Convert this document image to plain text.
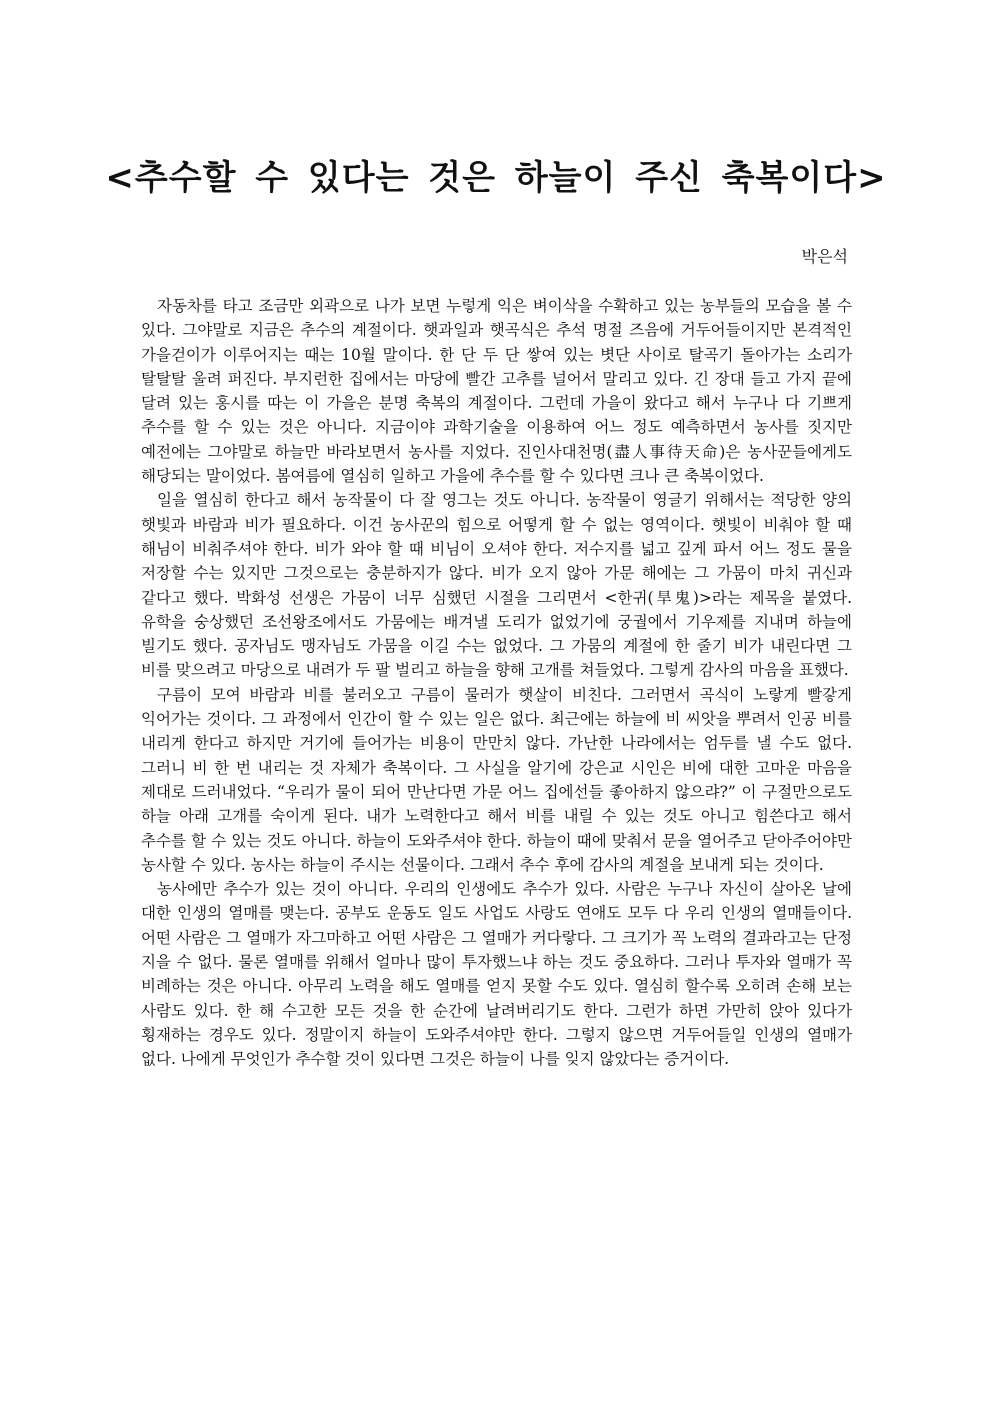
<추수할 수 있다는 것은 하늘이 주신 축복이다>

박은석

자동차를 타고 조금만 외곽으로 나가 보면 누렇게 익은 벼이삭을 수확하고 있는 농부들의 모습을 볼 수 있다. 그야말로 지금은 추수의 계절이다. 햇과일과 햇곡식은 추석 명절 즈음에 거두어들이지만 본격적인 가을걷이가 이루어지는 때는 10월 말이다. 한 단 두 단 쌓여 있는 볏단 사이로 탈곡기 돌아가는 소리가 탈탈탈 울려 퍼진다. 부지런한 집에서는 마당에 빨간 고추를 널어서 말리고 있다. 긴 장대 들고 가지 끝에 달려 있는 홍시를 따는 이 가을은 분명 축복의 계절이다. 그런데 가을이 왔다고 해서 누구나 다 기쁘게 추수를 할 수 있는 것은 아니다. 지금이야 과학기술을 이용하여 어느 정도 예측하면서 농사를 짓지만 예전에는 그야말로 하늘만 바라보면서 농사를 지었다. 진인사대천명(盡人事待天命)은 농사꾼들에게도 해당되는 말이었다. 봄여름에 열심히 일하고 가을에 추수를 할 수 있다면 크나 큰 축복이었다.

일을 열심히 한다고 해서 농작물이 다 잘 영그는 것도 아니다. 농작물이 영글기 위해서는 적당한 양의 햇빛과 바람과 비가 필요하다. 이건 농사꾼의 힘으로 어떻게 할 수 없는 영역이다. 햇빛이 비춰야 할 때 해님이 비춰주셔야 한다. 비가 와야 할 때 비님이 오셔야 한다. 저수지를 넓고 깊게 파서 어느 정도 물을 저장할 수는 있지만 그것으로는 충분하지가 않다. 비가 오지 않아 가문 해에는 그 가뭄이 마치 귀신과 같다고 했다. 박화성 선생은 가뭄이 너무 심했던 시절을 그리면서 <한귀(旱鬼)>라는 제목을 붙였다. 유학을 숭상했던 조선왕조에서도 가뭄에는 배겨낼 도리가 없었기에 궁궐에서 기우제를 지내며 하늘에 빌기도 했다. 공자님도 맹자님도 가뭄을 이길 수는 없었다. 그 가뭄의 계절에 한 줄기 비가 내린다면 그 비를 맞으려고 마당으로 내려가 두 팔 벌리고 하늘을 향해 고개를 쳐들었다. 그렇게 감사의 마음을 표했다.

구름이 모여 바람과 비를 불러오고 구름이 물러가 햇살이 비친다. 그러면서 곡식이 노랗게 빨갛게 익어가는 것이다. 그 과정에서 인간이 할 수 있는 일은 없다. 최근에는 하늘에 비 씨앗을 뿌려서 인공 비를 내리게 한다고 하지만 거기에 들어가는 비용이 만만치 않다. 가난한 나라에서는 엄두를 낼 수도 없다. 그러니 비 한 번 내리는 것 자체가 축복이다. 그 사실을 알기에 강은교 시인은 비에 대한 고마운 마음을 제대로 드러내었다. “우리가 물이 되어 만난다면 가문 어느 집에선들 좋아하지 않으랴?” 이 구절만으로도 하늘 아래 고개를 숙이게 된다. 내가 노력한다고 해서 비를 내릴 수 있는 것도 아니고 힘쓴다고 해서 추수를 할 수 있는 것도 아니다. 하늘이 도와주셔야 한다. 하늘이 때에 맞춰서 문을 열어주고 닫아주어야만 농사할 수 있다. 농사는 하늘이 주시는 선물이다. 그래서 추수 후에 감사의 계절을 보내게 되는 것이다.

농사에만 추수가 있는 것이 아니다. 우리의 인생에도 추수가 있다. 사람은 누구나 자신이 살아온 날에 대한 인생의 열매를 맺는다. 공부도 운동도 일도 사업도 사랑도 연애도 모두 다 우리 인생의 열매들이다. 어떤 사람은 그 열매가 자그마하고 어떤 사람은 그 열매가 커다랗다. 그 크기가 꼭 노력의 결과라고는 단정 지을 수 없다. 물론 열매를 위해서 얼마나 많이 투자했느냐 하는 것도 중요하다. 그러나 투자와 열매가 꼭 비례하는 것은 아니다. 아무리 노력을 해도 열매를 얻지 못할 수도 있다. 열심히 할수록 오히려 손해 보는 사람도 있다. 한 해 수고한 모든 것을 한 순간에 날려버리기도 한다. 그런가 하면 가만히 앉아 있다가 횡재하는 경우도 있다. 정말이지 하늘이 도와주셔야만 한다. 그렇지 않으면 거두어들일 인생의 열매가 없다. 나에게 무엇인가 추수할 것이 있다면 그것은 하늘이 나를 잊지 않았다는 증거이다.
